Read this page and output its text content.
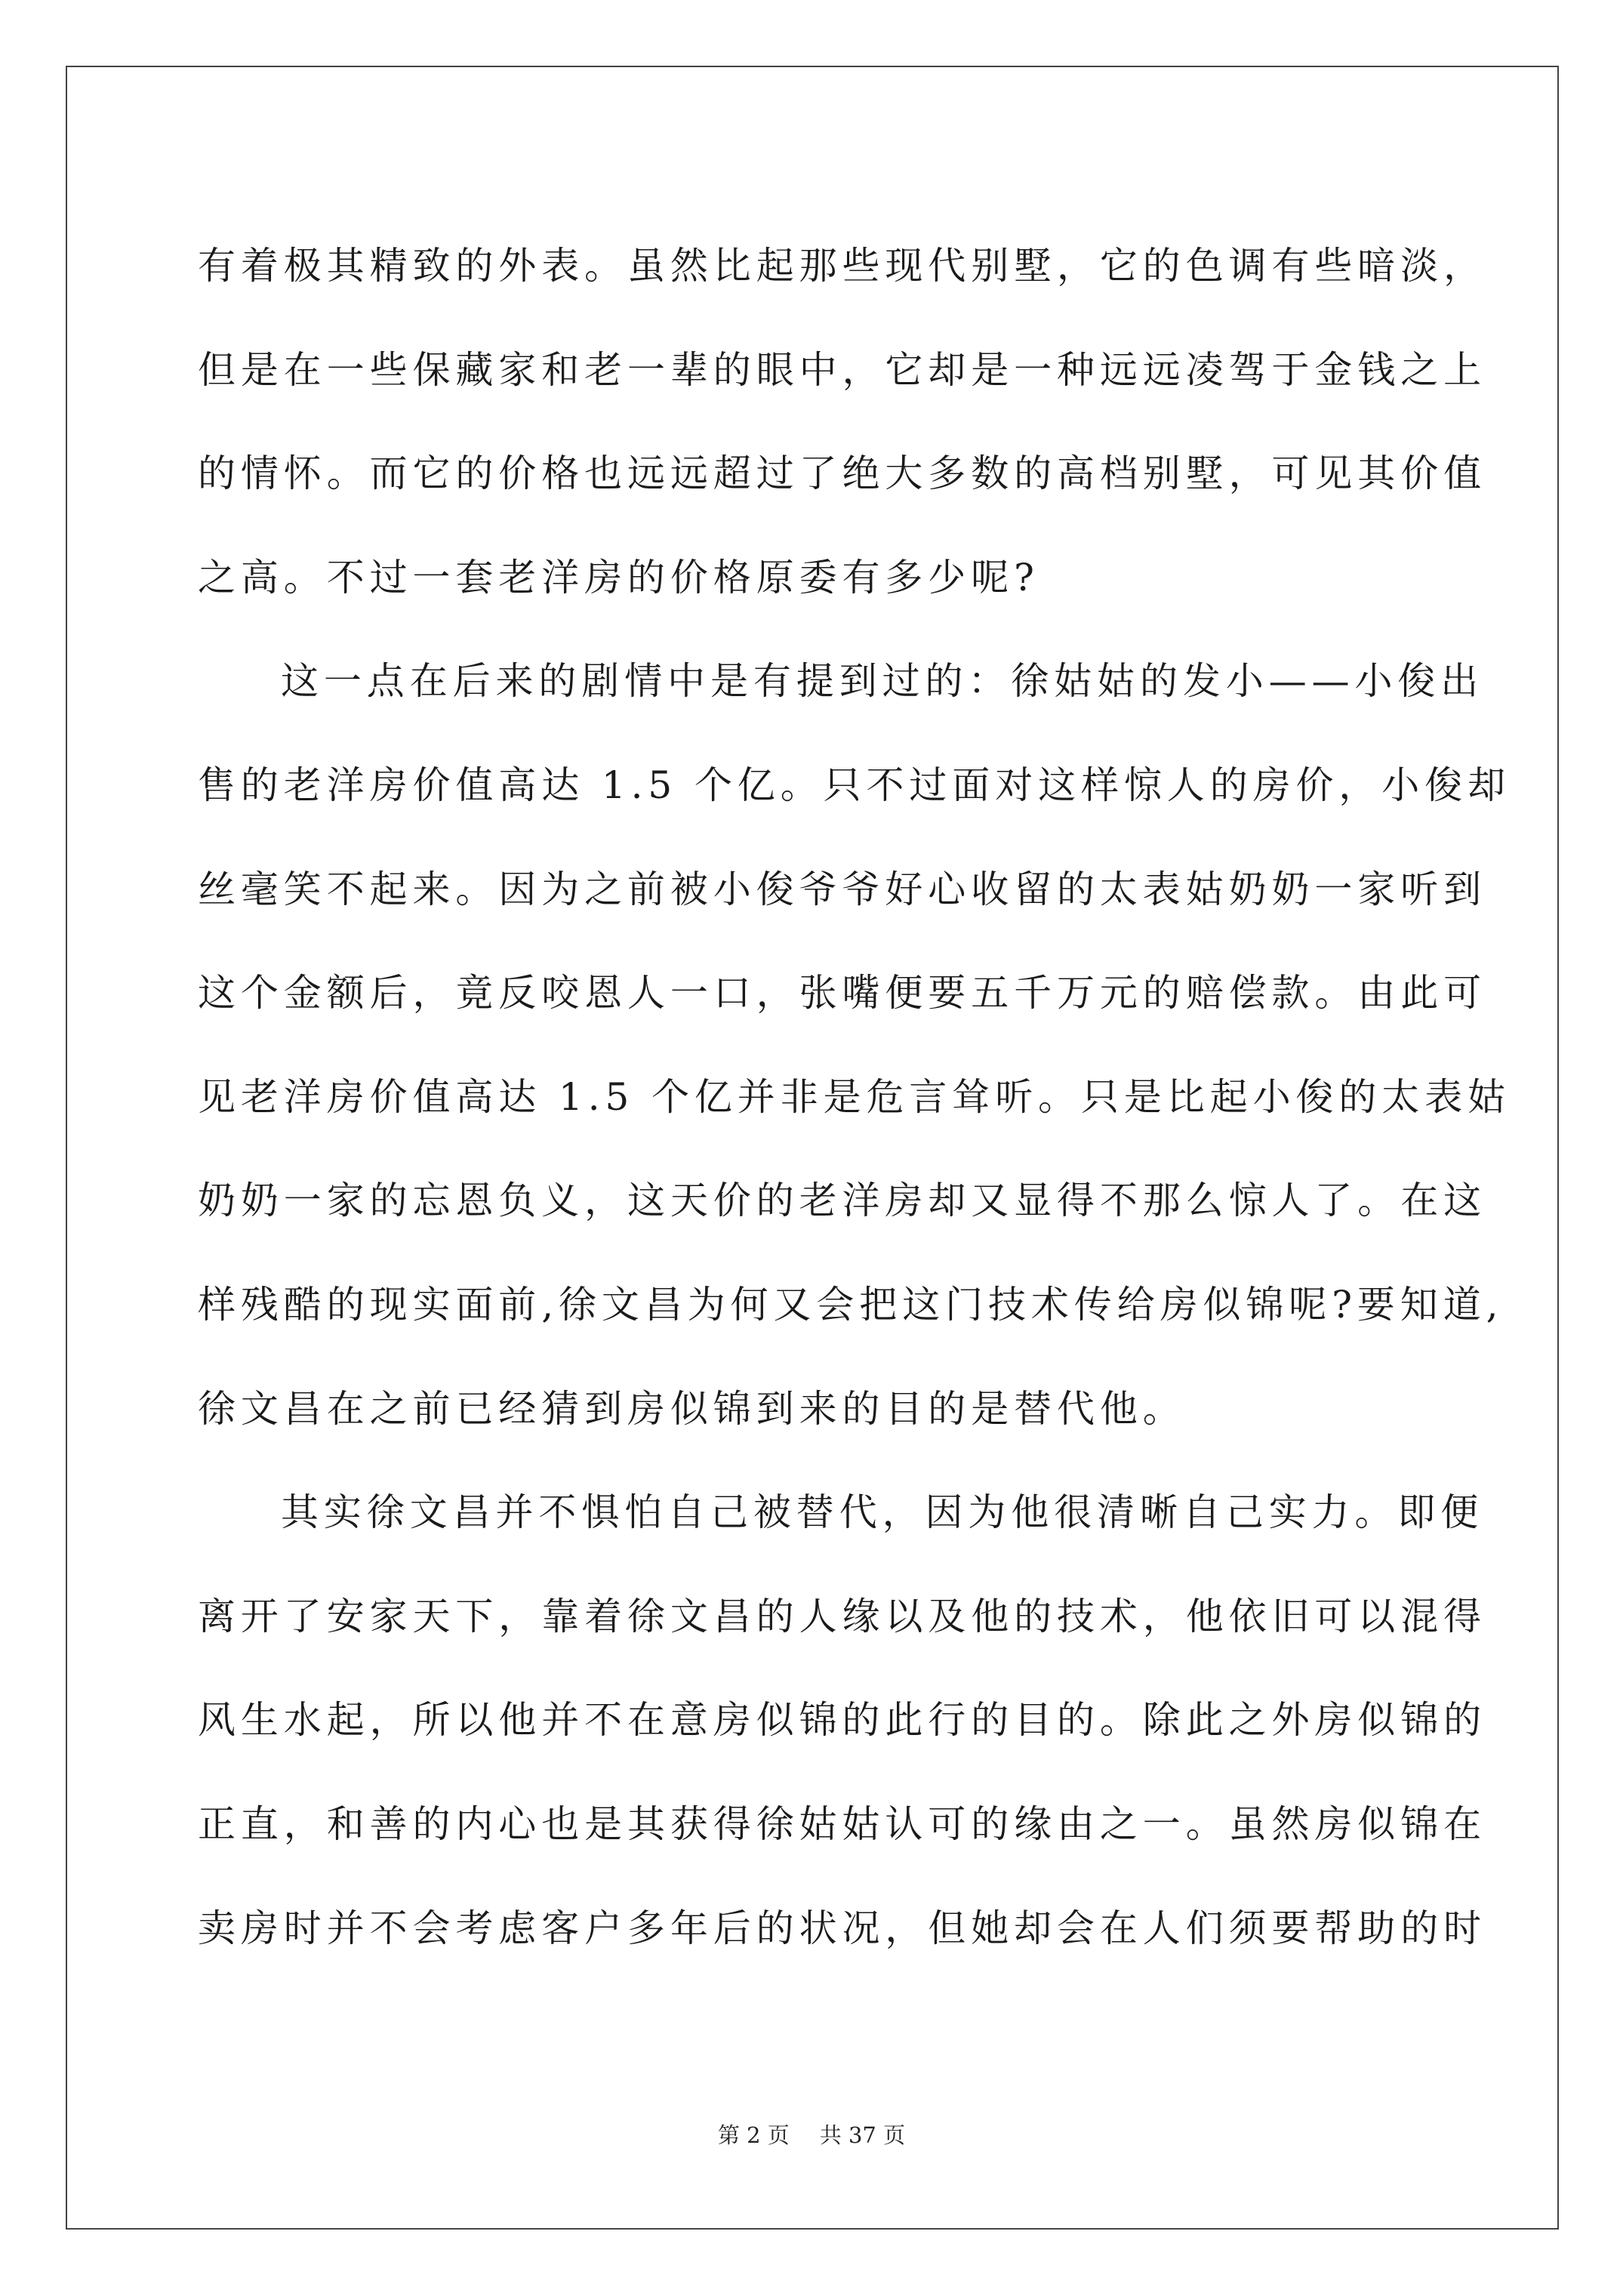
有着极其精致的外表。虽然比起那些现代别墅，它的色调有些暗淡，
但是在一些保藏家和老一辈的眼中，它却是一种远远凌驾于金钱之上
的情怀。而它的价格也远远超过了绝大多数的高档别墅，可见其价值
之高。不过一套老洋房的价格原委有多少呢?
这一点在后来的剧情中是有提到过的：徐姑姑的发小——小俊出
售的老洋房价值高达 1.5 个亿。只不过面对这样惊人的房价，小俊却
丝毫笑不起来。因为之前被小俊爷爷好心收留的太表姑奶奶一家听到
这个金额后，竟反咬恩人一口，张嘴便要五千万元的赔偿款。由此可
见老洋房价值高达 1.5 个亿并非是危言耸听。只是比起小俊的太表姑
奶奶一家的忘恩负义，这天价的老洋房却又显得不那么惊人了。在这
样残酷的现实面前,徐文昌为何又会把这门技术传给房似锦呢?要知道,
徐文昌在之前已经猜到房似锦到来的目的是替代他。
其实徐文昌并不惧怕自己被替代，因为他很清晰自己实力。即便
离开了安家天下，靠着徐文昌的人缘以及他的技术，他依旧可以混得
风生水起，所以他并不在意房似锦的此行的目的。除此之外房似锦的
正直，和善的内心也是其获得徐姑姑认可的缘由之一。虽然房似锦在
卖房时并不会考虑客户多年后的状况，但她却会在人们须要帮助的时
第 2 页 共 37 页
